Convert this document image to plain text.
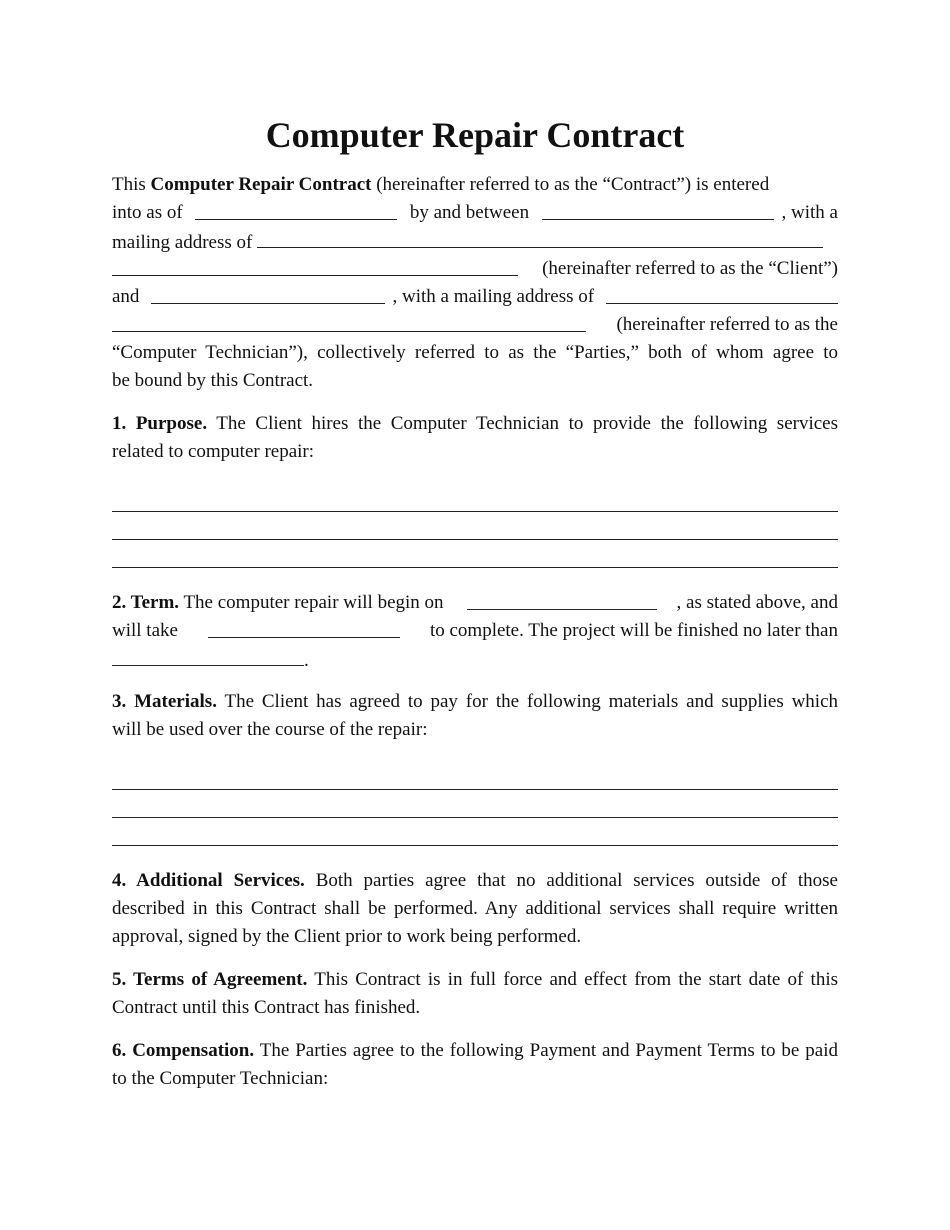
Computer Repair Contract
This Computer Repair Contract (hereinafter referred to as the “Contract”) is entered
into as of	by and between	, with a
mailing address of
(hereinafter referred to as the “Client”)
and	, with a mailing address of
(hereinafter referred to as the
“Computer Technician”), collectively referred to as the “Parties,” both of whom agree to
be bound by this Contract.
1. Purpose. The Client hires the Computer Technician to provide the following services
related to computer repair:
2. Term. The computer repair will begin on	, as stated above, and
will take	to complete. The project will be finished no later than
.
3. Materials. The Client has agreed to pay for the following materials and supplies which
will be used over the course of the repair:
4. Additional Services. Both parties agree that no additional services outside of those described in this Contract shall be performed. Any additional services shall require written approval, signed by the Client prior to work being performed.
5. Terms of Agreement. This Contract is in full force and effect from the start date of this Contract until this Contract has finished.
6. Compensation. The Parties agree to the following Payment and Payment Terms to be paid to the Computer Technician:
